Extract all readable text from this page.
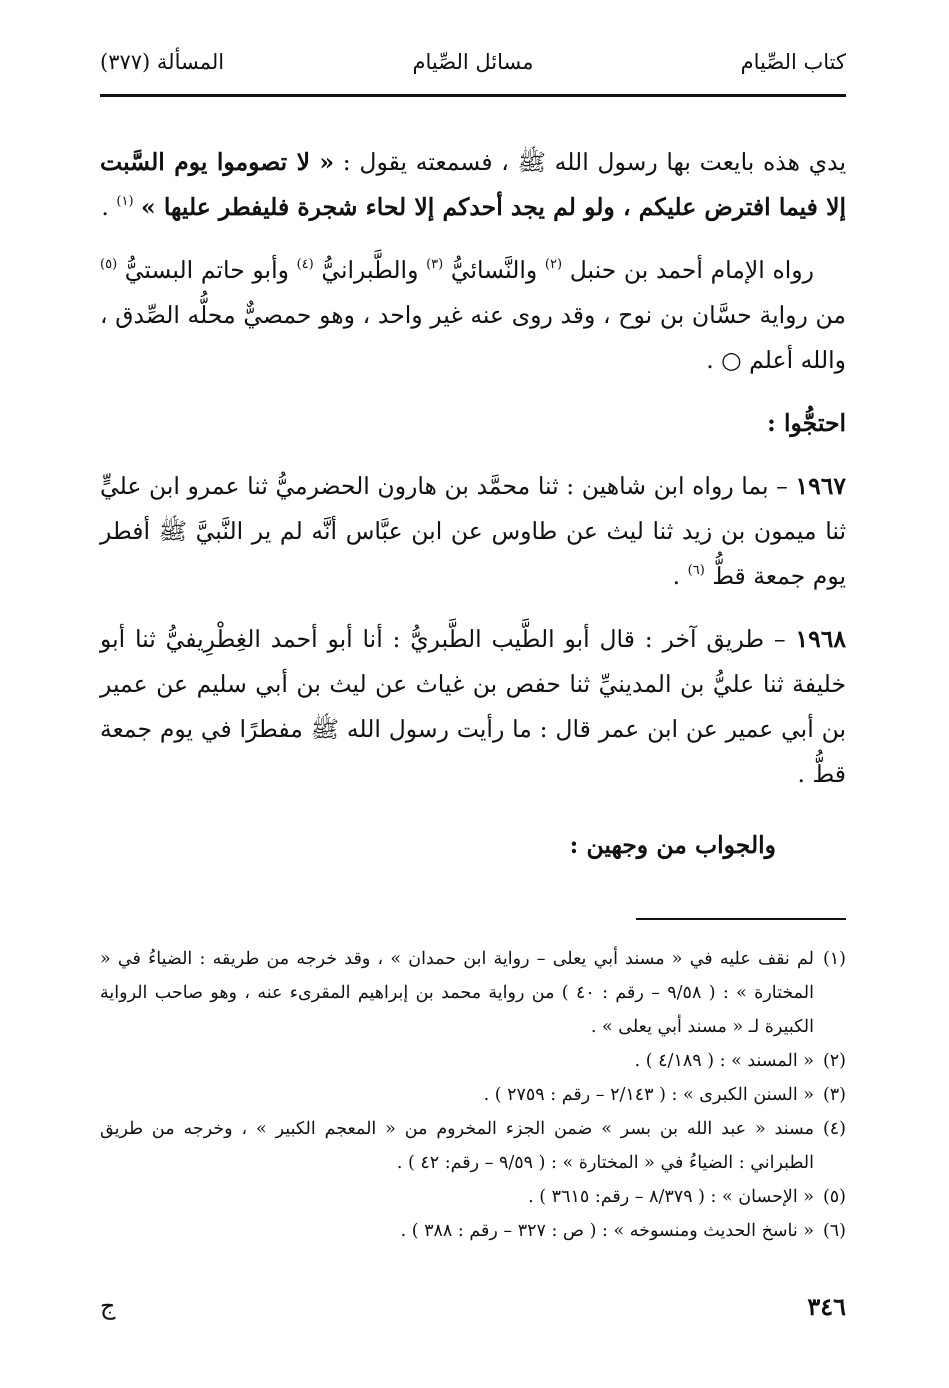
كتاب الصِّيام
مسائل الصِّيام
المسألة (٣٧٧)

يدي هذه بايعت بها رسول الله ﷺ ، فسمعته يقول : « لا تصوموا يوم السَّبت إلا فيما افترض عليكم ، ولو لم يجد أحدكم إلا لحاء شجرة فليفطر عليها » $^{(١)}$ .

رواه الإمام أحمد بن حنبل $^{(٢)}$ والنَّسائيُّ $^{(٣)}$ والطَّبرانيُّ $^{(٤)}$ وأبو حاتم البستيُّ $^{(٥)}$ من رواية حسَّان بن نوح ، وقد روى عنه غير واحد ، وهو حمصيٌّ محلُّه الصِّدق ، والله أعلم ○ .

احتجُّوا :

١٩٦٧ – بما رواه ابن شاهين : ثنا محمَّد بن هارون الحضرميُّ ثنا عمرو ابن عليٍّ ثنا ميمون بن زيد ثنا ليث عن طاوس عن ابن عبَّاس أنَّه لم ير النَّبيَّ ﷺ أفطر يوم جمعة قطُّ $^{(٦)}$ .

١٩٦٨ – طريق آخر : قال أبو الطَّيب الطَّبريُّ : أنا أبو أحمد الغِطْرِيفيُّ ثنا أبو خليفة ثنا عليُّ بن المدينيِّ ثنا حفص بن غياث عن ليث بن أبي سليم عن عمير بن أبي عمير عن ابن عمر قال : ما رأيت رسول الله ﷺ مفطرًا في يوم جمعة قطُّ .

والجواب من وجهين :
(١)
لم نقف عليه في « مسند أبي يعلى – رواية ابن حمدان » ، وقد خرجه من طريقه : الضياءُ في « المختارة » : ( ٩/٥٨ – رقم : ٤٠ ) من رواية محمد بن إبراهيم المقرىء عنه ، وهو صاحب الرواية الكبيرة لـ « مسند أبي يعلى » .
(٢)
« المسند » : ( ٤/١٨٩ ) .
(٣)
« السنن الكبرى » : ( ٢/١٤٣ – رقم : ٢٧٥٩ ) .
(٤)
مسند « عبد الله بن بسر » ضمن الجزء المخروم من « المعجم الكبير » ، وخرجه من طريق الطبراني : الضياءُ في « المختارة » : ( ٩/٥٩ – رقم: ٤٢ ) .
(٥)
« الإحسان » : ( ٨/٣٧٩ – رقم: ٣٦١٥ ) .
(٦)
« ناسخ الحديث ومنسوخه » : ( ص : ٣٢٧ – رقم : ٣٨٨ ) .
٣٤٦
ج
